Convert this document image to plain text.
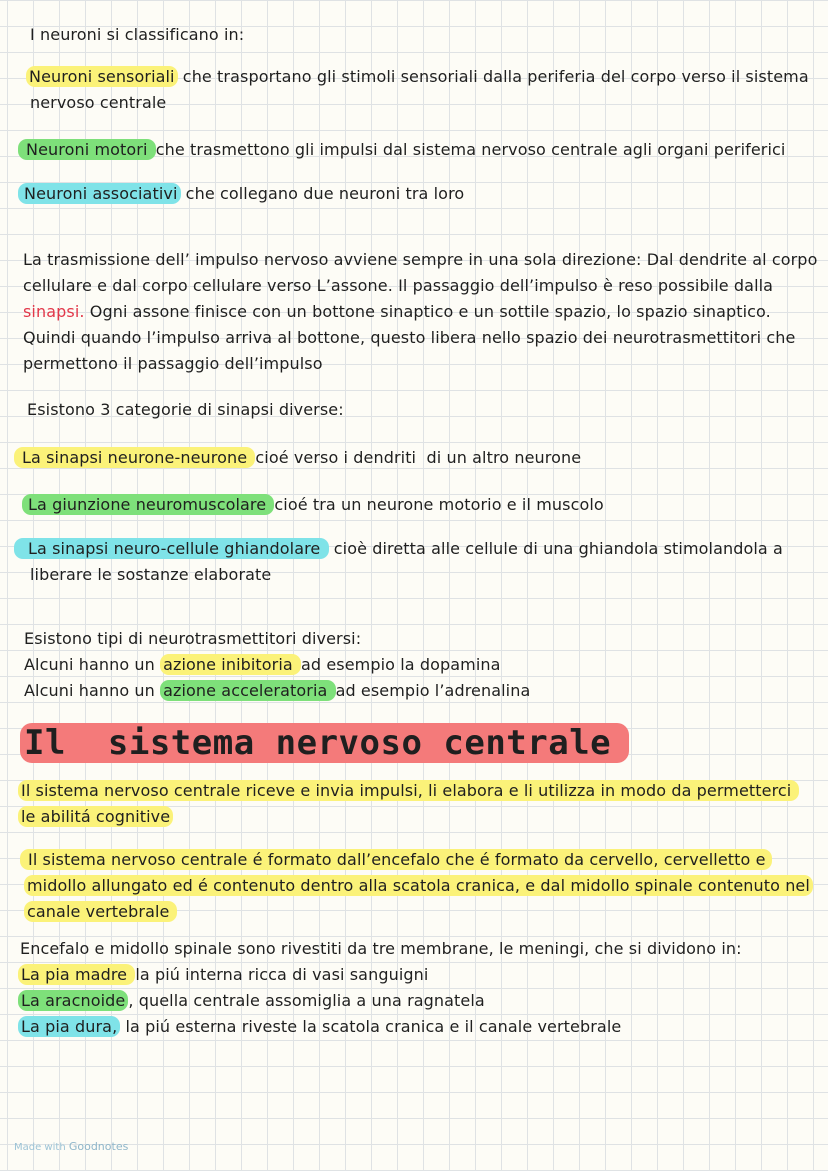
I neuroni si classificano in:
Neuroni sensoriali che trasportano gli stimoli sensoriali dalla periferia del corpo verso il sistema
nervoso centrale
Neuroni motori che trasmettono gli impulsi dal sistema nervoso centrale agli organi periferici
Neuroni associativi che collegano due neuroni tra loro
La trasmissione dell’ impulso nervoso avviene sempre in una sola direzione: Dal dendrite al corpo
cellulare e dal corpo cellulare verso L’assone. Il passaggio dell’impulso è reso possibile dalla
sinapsi. Ogni assone finisce con un bottone sinaptico e un sottile spazio, lo spazio sinaptico.
Quindi quando l’impulso arriva al bottone, questo libera nello spazio dei neurotrasmettitori che
permettono il passaggio dell’impulso
Esistono 3 categorie di sinapsi diverse:
La sinapsi neurone-neurone cioé verso i dendriti  di un altro neurone
La giunzione neuromuscolare cioé tra un neurone motorio e il muscolo
La sinapsi neuro-cellule ghiandolare  cioè diretta alle cellule di una ghiandola stimolandola a
liberare le sostanze elaborate
Esistono tipi di neurotrasmettitori diversi:
Alcuni hanno un azione inibitoria ad esempio la dopamina
Alcuni hanno un azione acceleratoria ad esempio l’adrenalina
Il  sistema nervoso centrale
Il sistema nervoso centrale riceve e invia impulsi, li elabora e li utilizza in modo da permetterci
le abilitá cognitive
Il sistema nervoso centrale é formato dall’encefalo che é formato da cervello, cervelletto e
midollo allungato ed é contenuto dentro alla scatola cranica, e dal midollo spinale contenuto nel
canale vertebrale
Encefalo e midollo spinale sono rivestiti da tre membrane, le meningi, che si dividono in:
La pia madre la piú interna ricca di vasi sanguigni
La aracnoide , quella centrale assomiglia a una ragnatela
La pia dura, la piú esterna riveste la scatola cranica e il canale vertebrale
Made with Goodnotes
